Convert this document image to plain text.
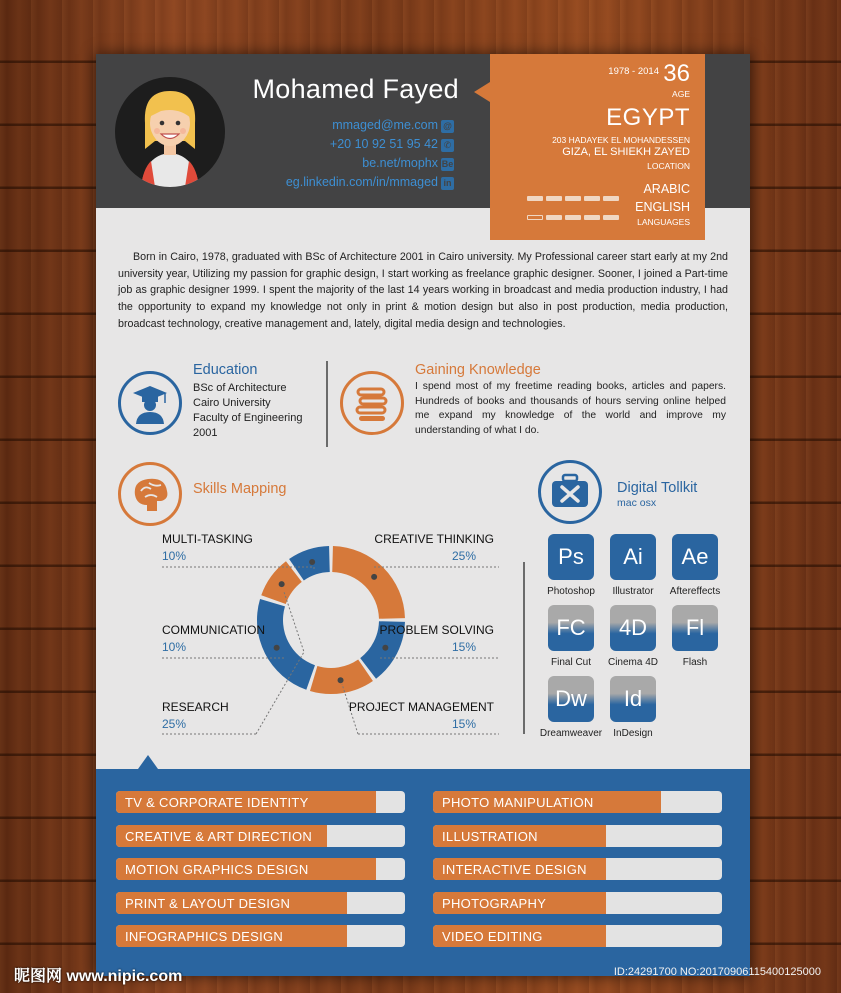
Mohamed Fayed
mmaged@me.com @
+20 10 92 51 95 42 ✆
be.net/mophx Be
eg.linkedin.com/in/mmaged in
1978 - 2014 36
AGE
EGYPT
203 HADAYEK EL MOHANDESSEN
GIZA, EL SHIEKH ZAYED
LOCATION
ARABIC
ENGLISH
LANGUAGES

Born in Cairo, 1978, graduated with BSc of Architecture 2001 in Cairo university. My Professional career start early at my 2nd university year, Utilizing my passion for graphic design, I start working as freelance graphic designer. Sooner, I joined a Part-time job as graphic designer 1999. I spent the majority of the last 14 years working in broadcast and media production industry, I had the opportunity to expand my knowledge not only in print & motion design but also in post production, media production, broadcast technology, creative management and, lately, digital media design and technologies.

Education
BSc of Architecture
Cairo University
Faculty of Engineering
2001
Gaining Knowledge
I spend most of my freetime reading books, articles and papers. Hundreds of books and thousands of hours serving online helped me expand my knowledge of the world and improve my understanding of what I do.
Skills Mapping
MULTI-TASKING
10%
CREATIVE THINKING
25%
COMMUNICATION
10%
PROBLEM SOLVING
15%
RESEARCH
25%
PROJECT MANAGEMENT
15%
Digital Tollkit
mac osx
Ps
Photoshop
Ai
Illustrator
Ae
Aftereffects
FC
Final Cut
4D
Cinema 4D
Fl
Flash
Dw
Dreamweaver
Id
InDesign
TV & CORPORATE IDENTITY	PHOTO MANIPULATION
CREATIVE & ART DIRECTION	ILLUSTRATION
MOTION GRAPHICS DESIGN	INTERACTIVE DESIGN
PRINT & LAYOUT DESIGN	PHOTOGRAPHY
INFOGRAPHICS DESIGN	VIDEO EDITING
昵图网 www.nipic.com	ID:24291700 NO:20170906115400125000
